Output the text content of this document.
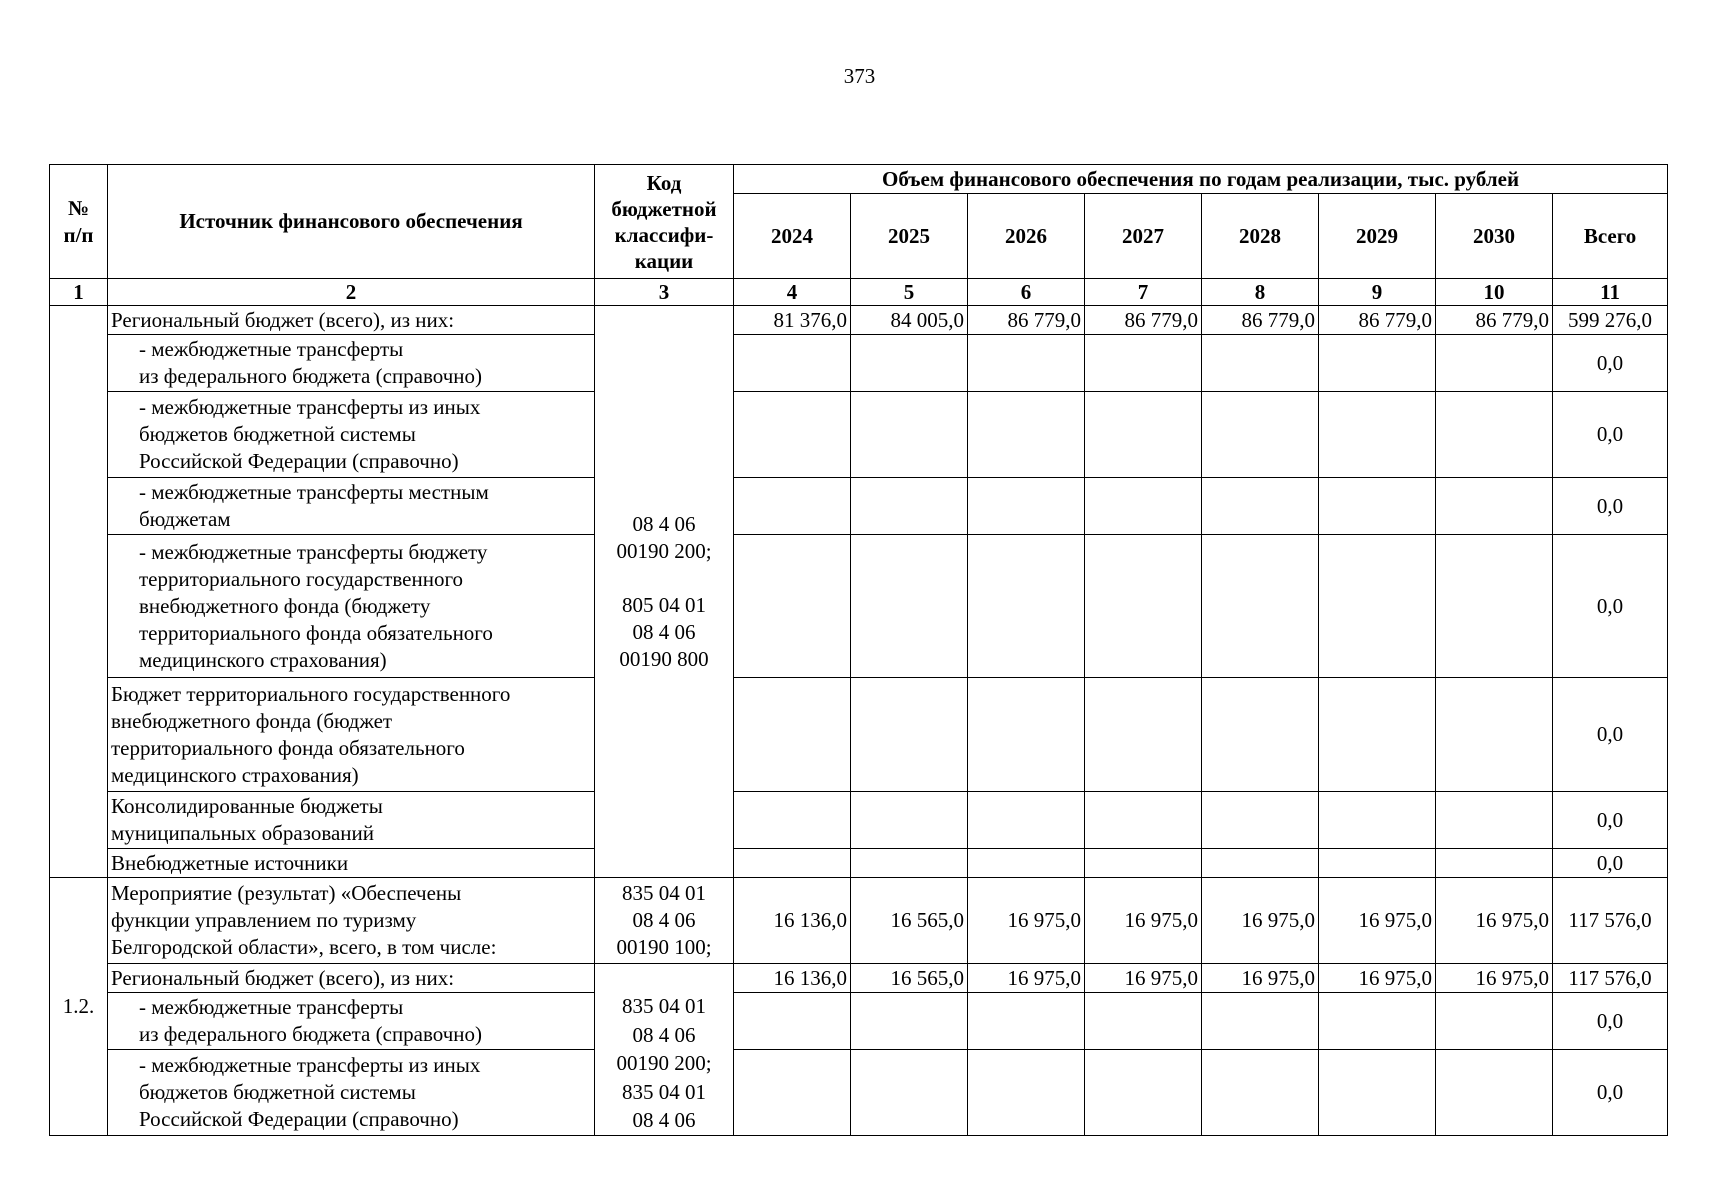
373
№
п/п	Источник финансового обеспечения	Код
бюджетной
классифи-
кации	Объем финансового обеспечения по годам реализации, тыс. рублей							
			2024	2025	2026	2027	2028	2029	2030	Всего
1	2	3	4	5	6	7	8	9	10	11

	Региональный бюджет (всего), из них:	08 4 06
00190 200;
805 04 01
08 4 06
00190 800	81 376,0	84 005,0	86 779,0	86 779,0	86 779,0	86 779,0	86 779,0	599 276,0

	- межбюджетные трансферты
из федерального бюджета (справочно)									0,0

	- межбюджетные трансферты из иных
бюджетов бюджетной системы
Российской Федерации (справочно)									0,0

	- межбюджетные трансферты местным
бюджетам									0,0

	- межбюджетные трансферты бюджету
территориального государственного
внебюджетного фонда (бюджету
территориального фонда обязательного
медицинского страхования)									0,0

	Бюджет территориального государственного
внебюджетного фонда (бюджет
территориального фонда обязательного
медицинского страхования)									0,0

	Консолидированные бюджеты
муниципальных образований									0,0

	Внебюджетные источники									0,0
1.2.	Мероприятие (результат) «Обеспечены
функции управлением по туризму
Белгородской области», всего, в том числе:	835 04 01
08 4 06
00190 100;	16 136,0	16 565,0	16 975,0	16 975,0	16 975,0	16 975,0	16 975,0	117 576,0

	Региональный бюджет (всего), из них:	835 04 01
08 4 06
00190 200;
835 04 01
08 4 06	16 136,0	16 565,0	16 975,0	16 975,0	16 975,0	16 975,0	16 975,0	117 576,0

	- межбюджетные трансферты
из федерального бюджета (справочно)									0,0

	- межбюджетные трансферты из иных
бюджетов бюджетной системы
Российской Федерации (справочно)									0,0
